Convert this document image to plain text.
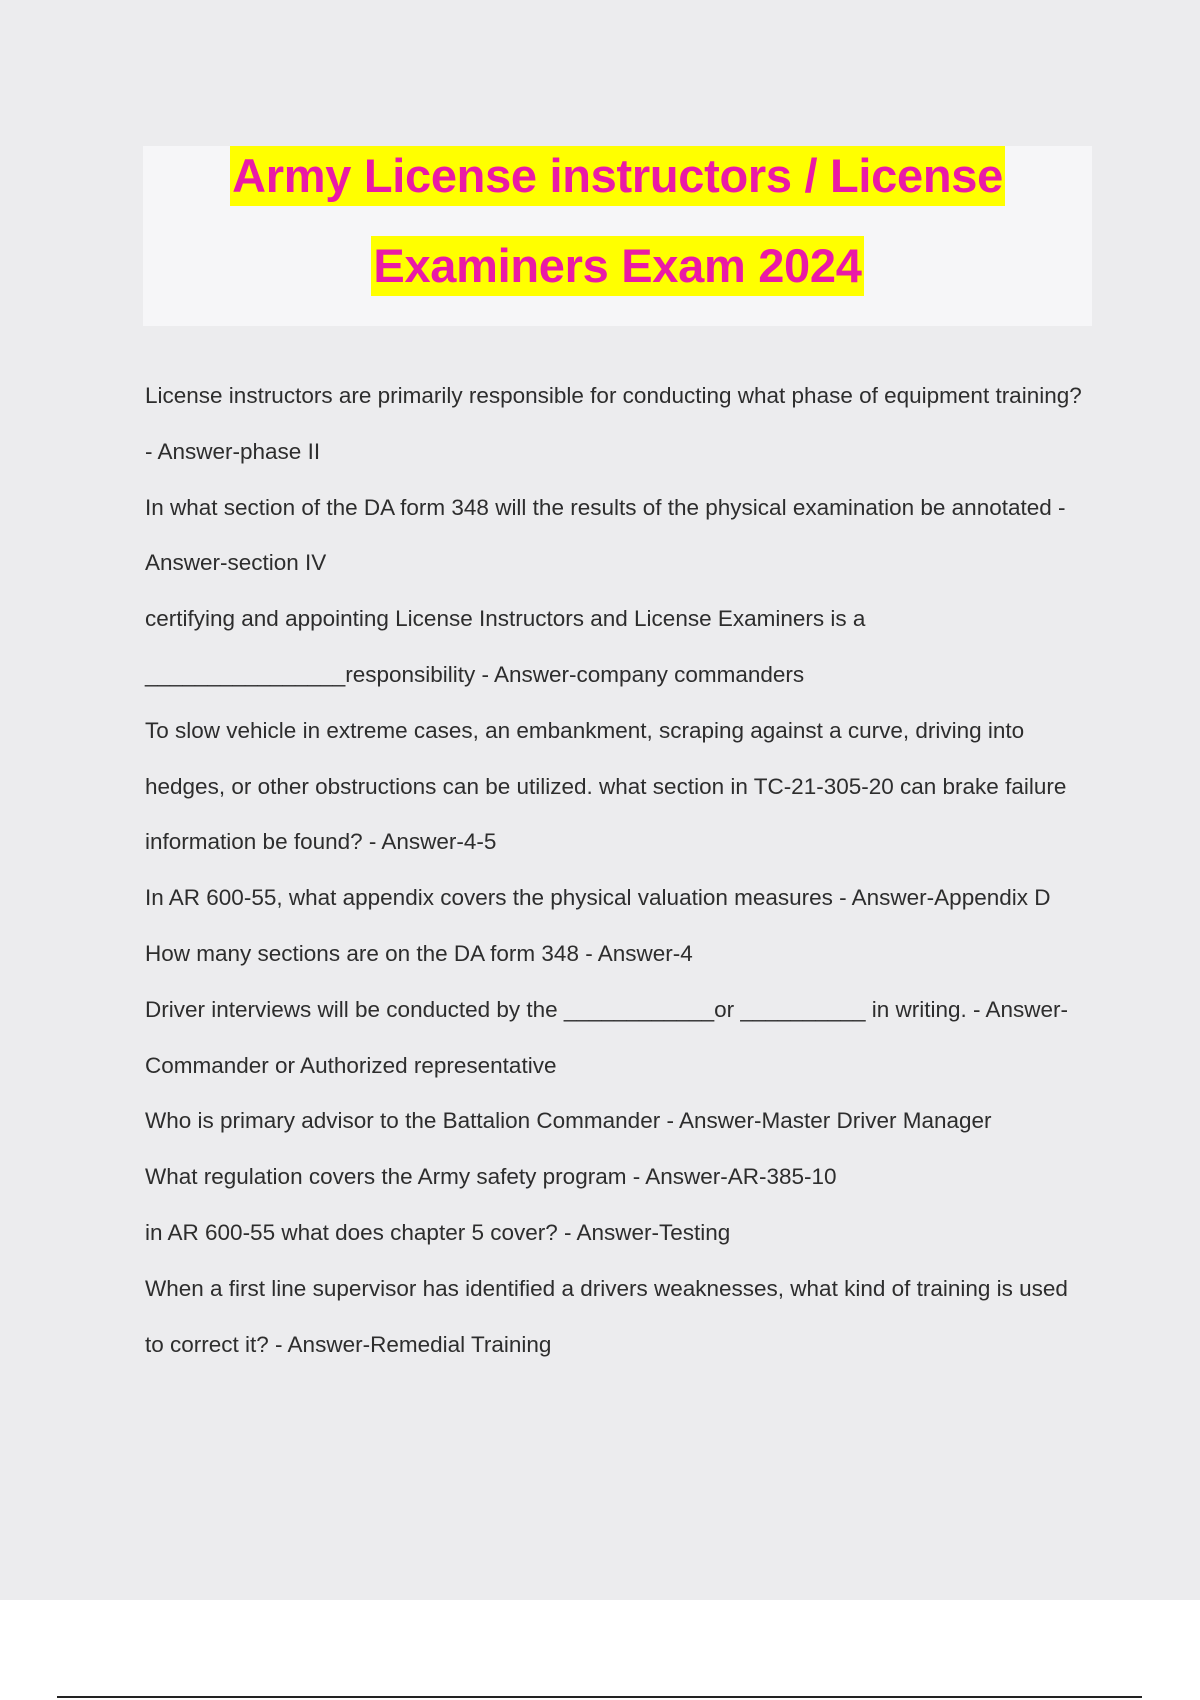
Army License instructors / License
Examiners Exam 2024
License instructors are primarily responsible for conducting what phase of equipment training? - Answer-phase II
In what section of the DA form 348 will the results of the physical examination be annotated - Answer-section IV
certifying and appointing License Instructors and License Examiners is a ________________responsibility - Answer-company commanders
To slow vehicle in extreme cases, an embankment, scraping against a curve, driving into hedges, or other obstructions can be utilized. what section in TC-21-305-20 can brake failure information be found? - Answer-4-5
In AR 600-55, what appendix covers the physical valuation measures - Answer-Appendix D
How many sections are on the DA form 348 - Answer-4
Driver interviews will be conducted by the ____________or __________ in writing. - Answer-Commander or Authorized representative
Who is primary advisor to the Battalion Commander - Answer-Master Driver Manager
What regulation covers the Army safety program - Answer-AR-385-10
in AR 600-55 what does chapter 5 cover? - Answer-Testing
When a first line supervisor has identified a drivers weaknesses, what kind of training is used to correct it? - Answer-Remedial Training
